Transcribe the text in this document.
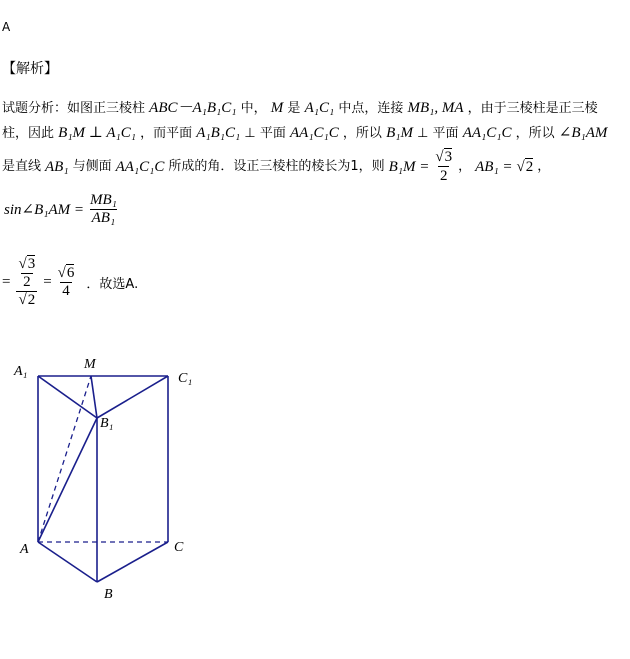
A
【解析】
试题分析：如图正三棱柱 ABC－A₁B₁C₁ 中， M 是 A₁C₁ 中点，连接 MB₁, MA ，由于三棱柱是正三棱
柱，因此 B₁M ⊥ A₁C₁ ，而平面 A₁B₁C₁ ⊥ 平面 AA₁C₁C ，所以 B₁M ⊥ 平面 AA₁C₁C ，所以 ∠B₁AM
是直线 AB₁ 与侧面 AA₁C₁C 所成的角．设正三棱柱的棱长为1，则 $B_1M = \frac{√3}{2}$ ， AB₁ = √2 ，
sin∠B₁AM = $\frac{\text{MB₁}}{\text{AB₁}}$
= $\frac{\frac{√3}{2}}{√2} = \frac{√6}{4}$ ．故选A.
A₁	M
C₁
B₁
A	C
B
